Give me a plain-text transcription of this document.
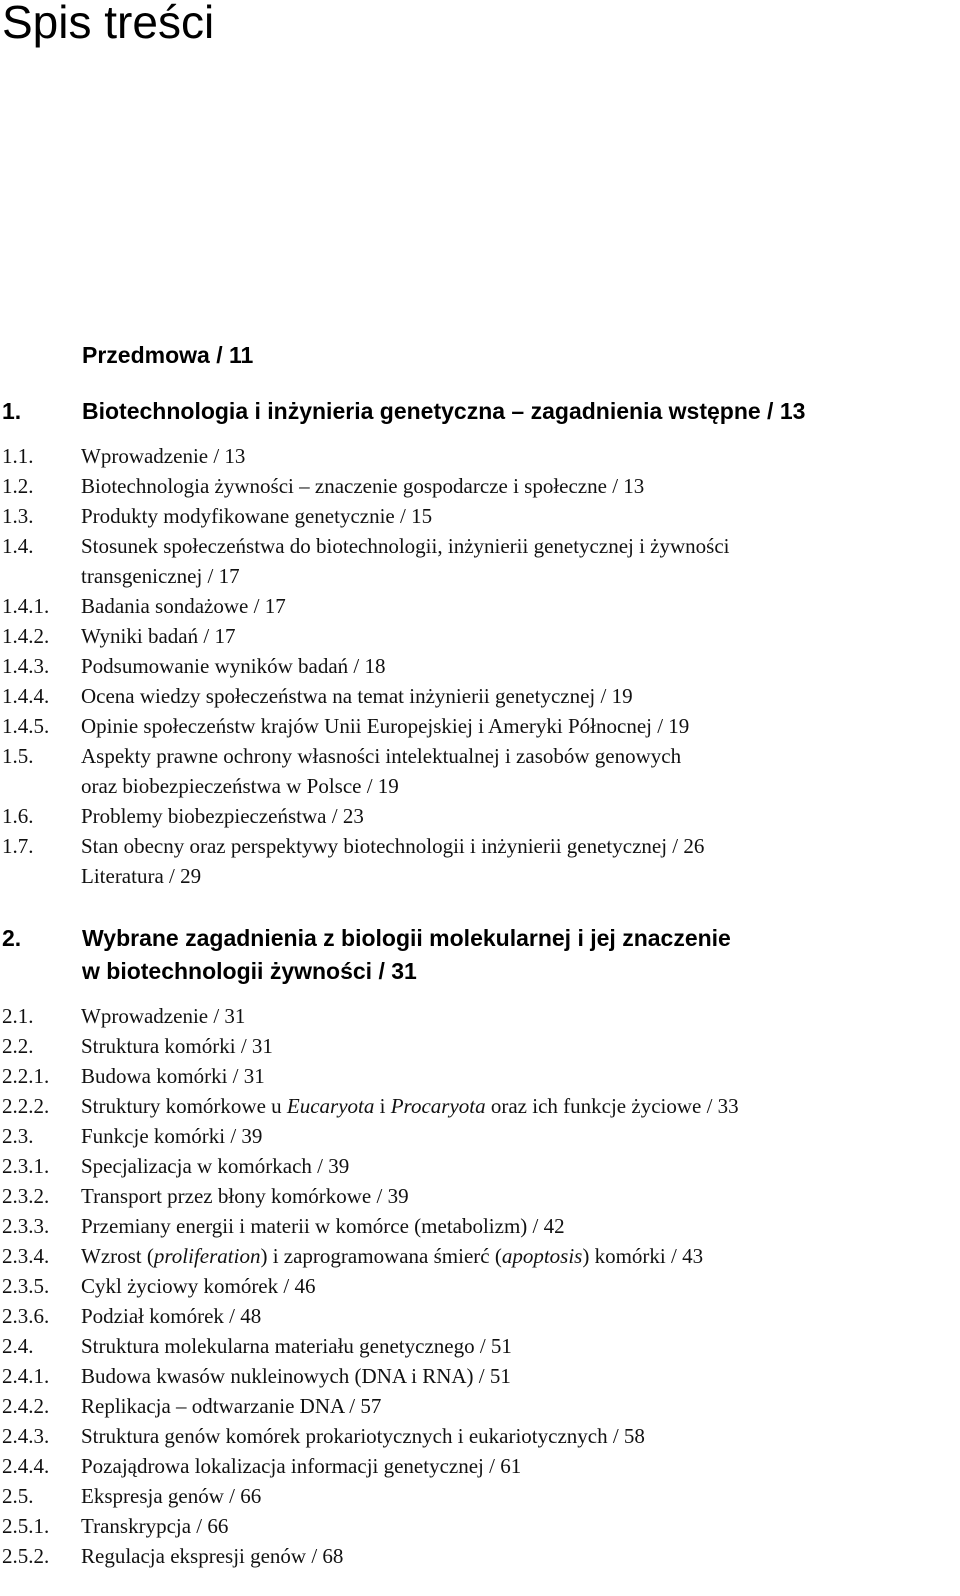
Spis treści
Przedmowa / 11
1.	Biotechnologia i inżynieria genetyczna – zagadnienia wstępne / 13
1.1. Wprowadzenie / 13
1.2. Biotechnologia żywności – znaczenie gospodarcze i społeczne / 13
1.3. Produkty modyfikowane genetycznie / 15
1.4. Stosunek społeczeństwa do biotechnologii, inżynierii genetycznej i żywności
transgenicznej / 17
1.4.1. Badania sondażowe / 17
1.4.2. Wyniki badań / 17
1.4.3. Podsumowanie wyników badań / 18
1.4.4. Ocena wiedzy społeczeństwa na temat inżynierii genetycznej / 19
1.4.5. Opinie społeczeństw krajów Unii Europejskiej i Ameryki Północnej / 19
1.5. Aspekty prawne ochrony własności intelektualnej i zasobów genowych
oraz biobezpieczeństwa w Polsce / 19
1.6. Problemy biobezpieczeństwa / 23
1.7. Stan obecny oraz perspektywy biotechnologii i inżynierii genetycznej / 26
Literatura / 29
2.	Wybrane zagadnienia z biologii molekularnej i jej znaczenie
w biotechnologii żywności / 31
2.1. Wprowadzenie / 31
2.2. Struktura komórki / 31
2.2.1. Budowa komórki / 31
2.2.2. Struktury komórkowe u Eucaryota i Procaryota oraz ich funkcje życiowe / 33
2.3. Funkcje komórki / 39
2.3.1. Specjalizacja w komórkach / 39
2.3.2. Transport przez błony komórkowe / 39
2.3.3. Przemiany energii i materii w komórce (metabolizm) / 42
2.3.4. Wzrost (proliferation) i zaprogramowana śmierć (apoptosis) komórki / 43
2.3.5. Cykl życiowy komórek / 46
2.3.6. Podział komórek / 48
2.4. Struktura molekularna materiału genetycznego / 51
2.4.1. Budowa kwasów nukleinowych (DNA i RNA) / 51
2.4.2. Replikacja – odtwarzanie DNA / 57
2.4.3. Struktura genów komórek prokariotycznych i eukariotycznych / 58
2.4.4. Pozajądrowa lokalizacja informacji genetycznej / 61
2.5. Ekspresja genów / 66
2.5.1. Transkrypcja / 66
2.5.2. Regulacja ekspresji genów / 68
